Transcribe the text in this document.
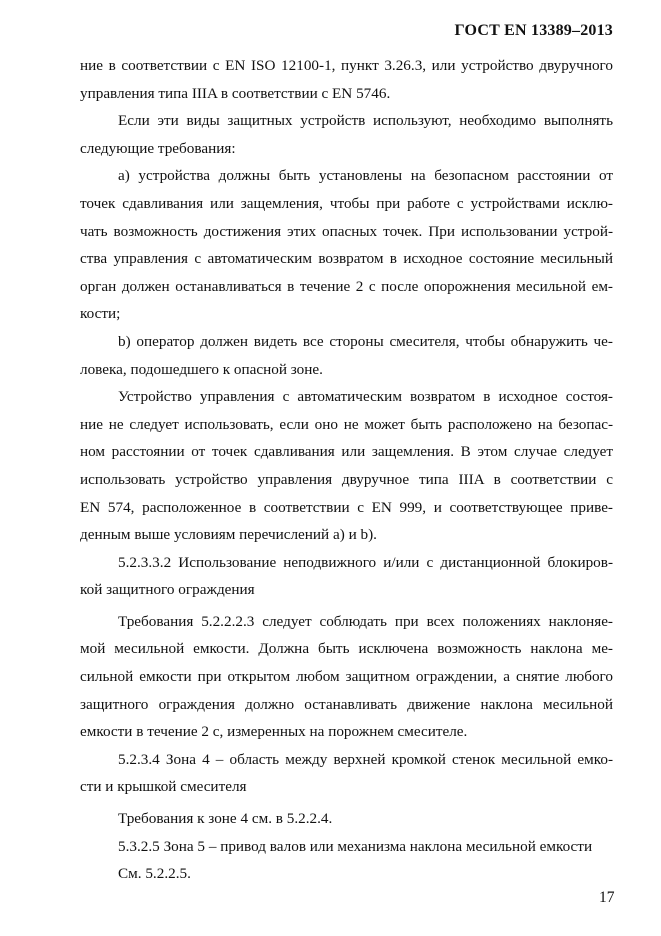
ГОСТ EN 13389–2013
ние в соответствии с EN ISO 12100-1, пункт 3.26.3, или устройство двуручного
управления типа IIIA в соответствии с EN 5746.
Если эти виды защитных устройств используют, необходимо выполнять
следующие требования:
а) устройства должны быть установлены на безопасном расстоянии от
точек сдавливания или защемления, чтобы при работе с устройствами исклю-
чать возможность достижения этих опасных точек. При использовании устрой-
ства управления с автоматическим возвратом в исходное состояние месильный
орган должен останавливаться в течение 2 с после опорожнения месильной ем-
кости;
b) оператор должен видеть все стороны смесителя, чтобы обнаружить че-
ловека, подошедшего к опасной зоне.
Устройство управления с автоматическим возвратом в исходное состоя-
ние не следует использовать, если оно не может быть расположено на безопас-
ном расстоянии от точек сдавливания или защемления. В этом случае следует
использовать устройство управления двуручное типа IIIA в соответствии с
EN 574, расположенное в соответствии с EN 999, и соответствующее приве-
денным выше условиям перечислений а) и b).
5.2.3.3.2 Использование неподвижного и/или с дистанционной блокиров-
кой защитного ограждения
Требования 5.2.2.2.3 следует соблюдать при всех положениях наклоняе-
мой месильной емкости. Должна быть исключена возможность наклона ме-
сильной емкости при открытом любом защитном ограждении, а снятие любого
защитного ограждения должно останавливать движение наклона месильной
емкости в течение 2 с, измеренных на порожнем смесителе.
5.2.3.4 Зона 4 – область между верхней кромкой стенок месильной емко-
сти и крышкой смесителя
Требования к зоне 4 см. в 5.2.2.4.
5.3.2.5 Зона 5 – привод валов или механизма наклона месильной емкости
См. 5.2.2.5.
17
